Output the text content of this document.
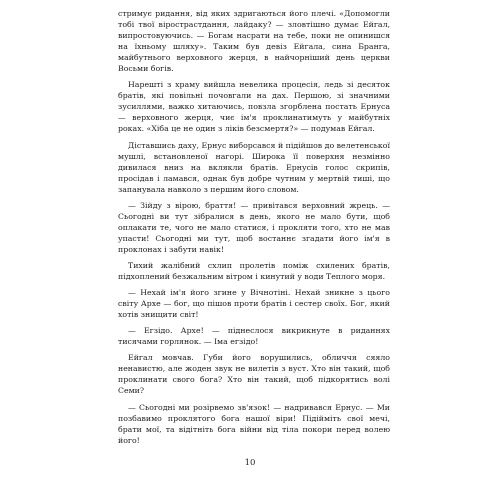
стримує ридання, від яких здригаються його плечі. «Допомогли тобі твої вірострастдання, лайдаку? — зловтішно думає Ейгал, випростовуючись. — Богам насрати на тебе, поки не опинишся на їхньому шляху». Таким був девіз Ейгала, сина Бранга, майбутнього верховного жерця, в найчорніший день церкви Восьми богів.

Нарешті з храму вийшла невелика процесія, ледь зі десяток братів, які повільні почовгали на дах. Першою, зі значними зусиллями, важко хитаючись, повзла згорблена постать Ернуса — верховного жерця, чиє ім'я проклинатимуть у майбутніх роках. «Хіба це не один з ліків безсмертя?» — подумав Ейгал.

Діставшись даху, Ернус виборсався й підійшов до велетенської мушлі, встановленої нагорі. Широка її поверхня незмінно дивилася вниз на вклякли братів. Ернусів голос скрипів, просідав і ламався, однак був добре чутним у мертвій тиші, що запанувала навколо з першим його словом.

— Зійду з вірою, браття! — привітався верховний жрець. — Сьогодні ви тут зібралися в день, якого не мало бути, щоб оплакати те, чого не мало статися, і прокляти того, хто не мав упасти! Сьогодні ми тут, щоб востаннє згадати його ім'я в проклонах і забути навік!

Тихий жалібний схлип пролетів поміж схилених братів, підхоплений безжальним вітром і кинутий у води Теплого моря.

— Нехай ім'я його згине у Вічнотіні. Нехай зникне з цього світу Архе — бог, що пішов проти братів і сестер своїх. Бог, який хотів знищити світ!

— Егзідо. Архе! — піднеслося викрикнуте в риданнях тисячами горлянок. — Іма егзідо!

Ейгал мовчав. Губи його ворушились, обличчя сяяло ненавистю, але жоден звук не вилетів з вуст. Хто він такий, щоб проклинати свого бога? Хто він такий, щоб підкорятись волі Семи?

— Сьогодні ми розірвемо зв'язок! — надривався Ернус. — Ми позбавимо проклятого бога нашої віри! Підійміть свої мечі, брати мої, та відітніть бога війни від тіла покори перед волею його!

10
